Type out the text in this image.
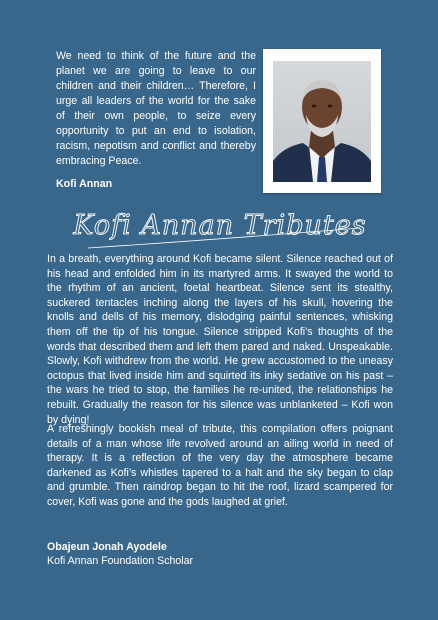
We need to think of the future and the planet we are going to leave to our children and their children… Therefore, I urge all leaders of the world for the sake of their own people, to seize every opportunity to put an end to isolation, racism, nepotism and conflict and thereby embracing Peace.

Kofi Annan
Kofi Annan Tributes

In a breath, everything around Kofi became silent. Silence reached out of his head and enfolded him in its martyred arms. It swayed the world to the rhythm of an ancient, foetal heartbeat. Silence sent its stealthy, suckered tentacles inching along the layers of his skull, hovering the knolls and dells of his memory, dislodging painful sentences, whisking them off the tip of his tongue. Silence stripped Kofi’s thoughts of the words that described them and left them pared and naked. Unspeakable. Slowly, Kofi withdrew from the world. He grew accustomed to the uneasy octopus that lived inside him and squirted its inky sedative on his past – the wars he tried to stop, the families he re-united, the relationships he rebuilt. Gradually the reason for his silence was unblanketed – Kofi won by dying!

A refreshingly bookish meal of tribute, this compilation offers poignant details of a man whose life revolved around an ailing world in need of therapy. It is a reflection of the very day the atmosphere became darkened as Kofi’s whistles tapered to a halt and the sky began to clap and grumble. Then raindrop began to hit the roof, lizard scampered for cover, Kofi was gone and the gods laughed at grief.

Obajeun Jonah Ayodele
Kofi Annan Foundation Scholar
